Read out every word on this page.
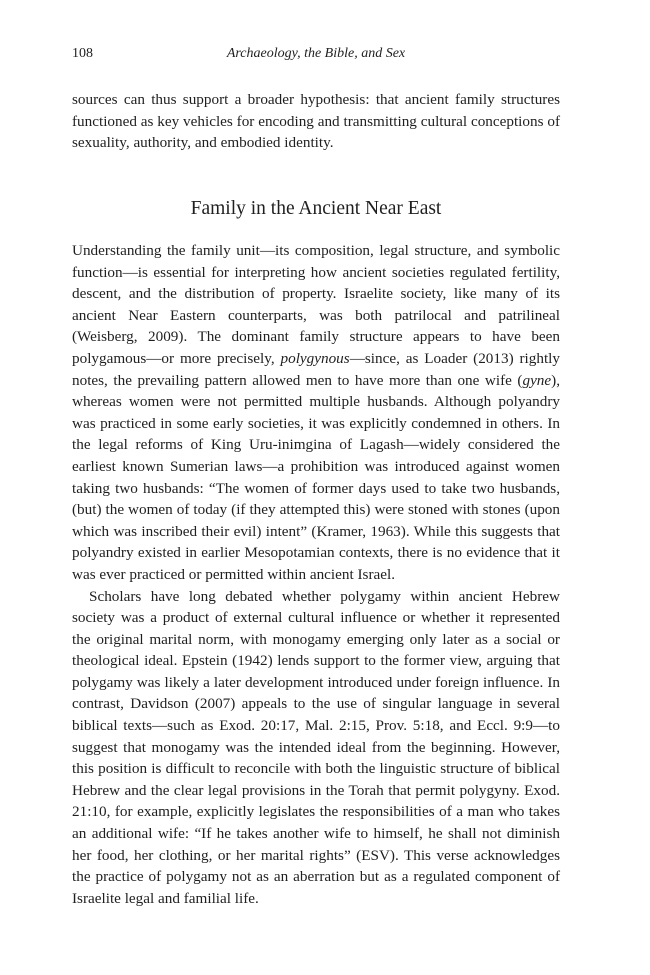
108	Archaeology, the Bible, and Sex

sources can thus support a broader hypothesis: that ancient family structures functioned as key vehicles for encoding and transmitting cultural conceptions of sexuality, authority, and embodied identity.

Family in the Ancient Near East

Understanding the family unit—its composition, legal structure, and symbolic function—is essential for interpreting how ancient societies regulated fertility, descent, and the distribution of property. Israelite society, like many of its ancient Near Eastern counterparts, was both patrilocal and patrilineal (Weisberg, 2009). The dominant family structure appears to have been polygamous—or more precisely, polygynous—since, as Loader (2013) rightly notes, the prevailing pattern allowed men to have more than one wife (gyne), whereas women were not permitted multiple husbands. Although polyandry was practiced in some early societies, it was explicitly condemned in others. In the legal reforms of King Uru-inimgina of Lagash—widely considered the earliest known Sumerian laws—a prohibition was introduced against women taking two husbands: “The women of former days used to take two husbands, (but) the women of today (if they attempted this) were stoned with stones (upon which was inscribed their evil) intent” (Kramer, 1963). While this suggests that polyandry existed in earlier Mesopotamian contexts, there is no evidence that it was ever practiced or permitted within ancient Israel.

Scholars have long debated whether polygamy within ancient Hebrew society was a product of external cultural influence or whether it represented the original marital norm, with monogamy emerging only later as a social or theological ideal. Epstein (1942) lends support to the former view, arguing that polygamy was likely a later development introduced under foreign influence. In contrast, Davidson (2007) appeals to the use of singular language in several biblical texts—such as Exod. 20:17, Mal. 2:15, Prov. 5:18, and Eccl. 9:9—to suggest that monogamy was the intended ideal from the beginning. However, this position is difficult to reconcile with both the linguistic structure of biblical Hebrew and the clear legal provisions in the Torah that permit polygyny. Exod. 21:10, for example, explicitly legislates the responsibilities of a man who takes an additional wife: “If he takes another wife to himself, he shall not diminish her food, her clothing, or her marital rights” (ESV). This verse acknowledges the practice of polygamy not as an aberration but as a regulated component of Israelite legal and familial life.
